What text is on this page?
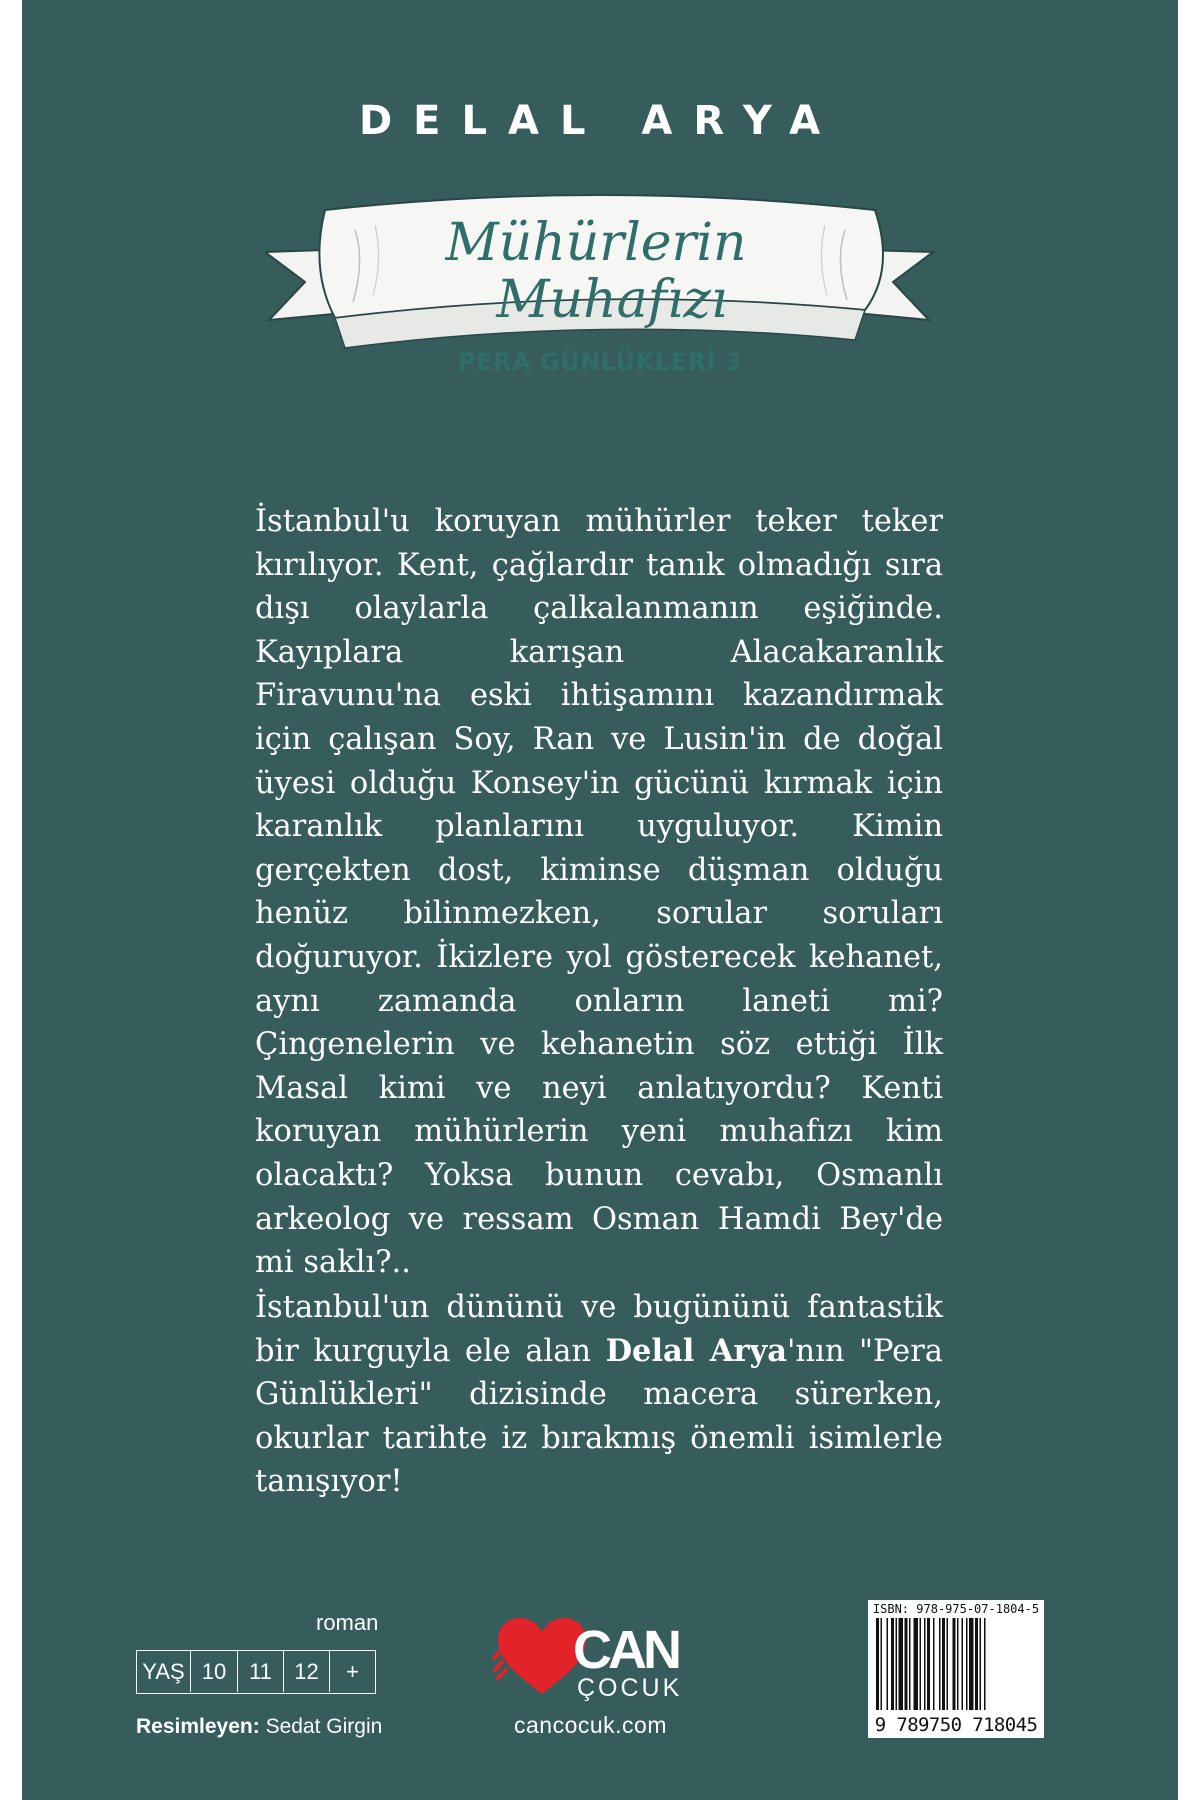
DELAL ARYA
Mühürlerin
Muhafızı
PERA GÜNLÜKLERİ 3

İstanbul'u koruyan mühürler teker teker kırılıyor. Kent, çağlardır tanık olmadığı sıra dışı olaylarla çalkalanmanın eşiğinde. Kayıplara karışan Alacakaranlık Firavunu'na eski ihtişamını kazandırmak için çalışan Soy, Ran ve Lusin'in de doğal üyesi olduğu Konsey'in gücünü kırmak için karanlık planlarını uyguluyor. Kimin gerçekten dost, kiminse düşman olduğu henüz bilinmezken, sorular soruları doğuruyor. İkizlere yol gösterecek kehanet, aynı zamanda onların laneti mi? Çingenelerin ve kehanetin söz ettiği İlk Masal kimi ve neyi anlatıyordu? Kenti koruyan mühürlerin yeni muhafızı kim olacaktı? Yoksa bunun cevabı, Osmanlı arkeolog ve ressam Osman Hamdi Bey'de mi saklı?..

İstanbul'un dününü ve bugününü fantastik bir kurguyla ele alan Delal Arya'nın "Pera Günlükleri" dizisinde macera sürerken, okurlar tarihte iz bırakmış önemli isimlerle tanışıyor!

roman
YAŞ 10	11	12	+
Resimleyen: Sedat Girgin
CAN
ÇOCUK
cancocuk.com
ISBN: 978-975-07-1804-5
9 789750 718045
